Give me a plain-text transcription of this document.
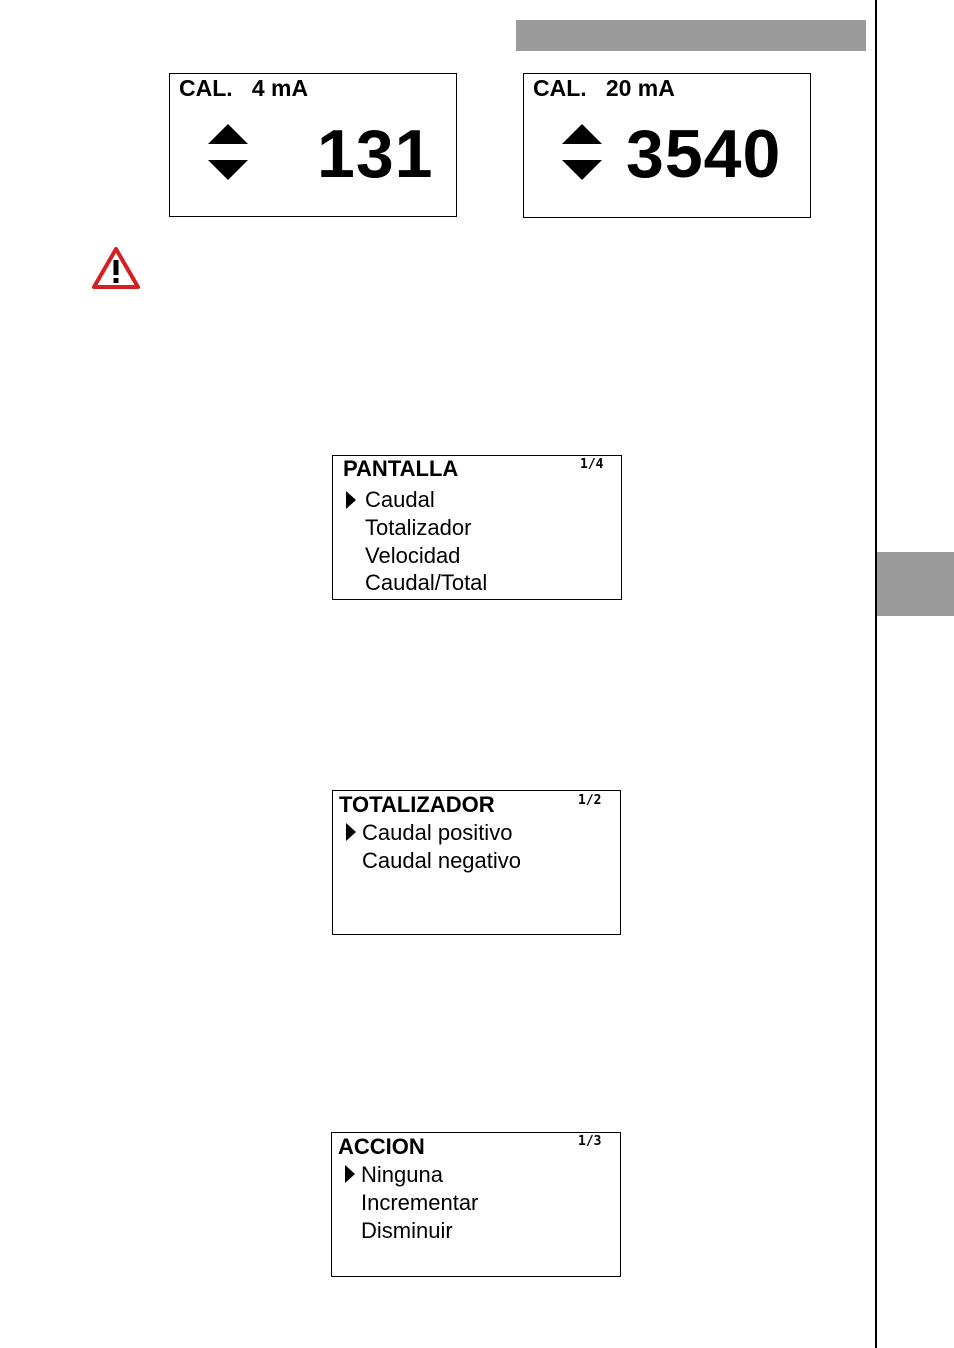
CAL.   4 mA
131
CAL.   20 mA
3540
PANTALLA	1/4
Caudal
Totalizador
Velocidad
Caudal/Total
TOTALIZADOR	1/2
Caudal positivo
Caudal negativo
ACCION	1/3
Ninguna
Incrementar
Disminuir
